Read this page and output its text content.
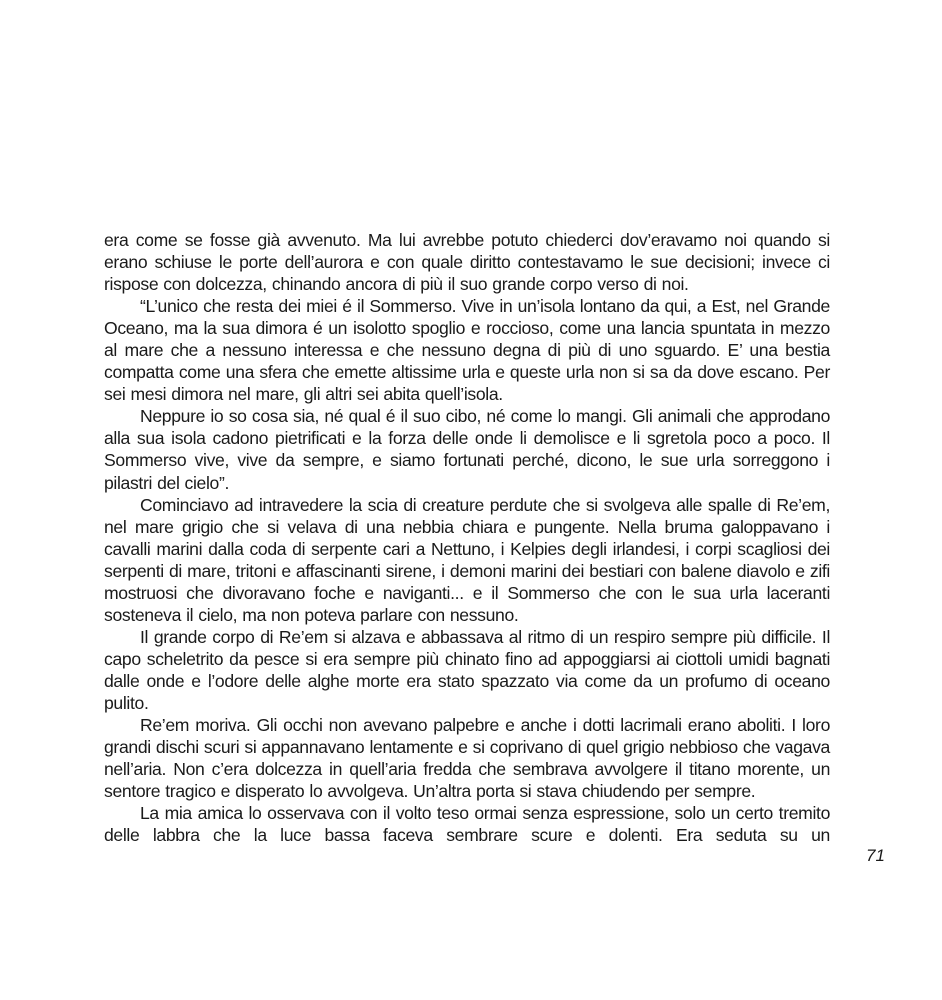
era come se fosse già avvenuto. Ma lui avrebbe potuto chiederci dov’eravamo noi quando si erano schiuse le porte dell’aurora e con quale diritto contestavamo le sue decisioni; invece ci rispose con dolcezza, chinando ancora di più il suo grande corpo verso di noi.

“L’unico che resta dei miei é il Sommerso. Vive in un’isola lontano da qui, a Est, nel Grande Oceano, ma la sua dimora é un isolotto spoglio e roccioso, come una lancia spuntata in mezzo al mare che a nessuno interessa e che nessuno degna di più di uno sguardo. E’ una bestia compatta come una sfera che emette altissime urla e queste urla non si sa da dove escano. Per sei mesi dimora nel mare, gli altri sei abita quell’isola.

Neppure io so cosa sia, né qual é il suo cibo, né come lo mangi. Gli animali che approdano alla sua isola cadono pietrificati e la forza delle onde li demolisce e li sgretola poco a poco. Il Sommerso vive, vive da sempre, e siamo fortunati perché, dicono, le sue urla sorreggono i pilastri del cielo”.

Cominciavo ad intravedere la scia di creature perdute che si svolgeva alle spalle di Re’em, nel mare grigio che si velava di una nebbia chiara e pungente. Nella bruma galoppavano i cavalli marini dalla coda di serpente cari a Nettuno, i Kelpies degli irlandesi, i corpi scagliosi dei serpenti di mare, tritoni e affascinanti sirene, i demoni marini dei bestiari con balene diavolo e zifi mostruosi che divoravano foche e naviganti... e il Sommerso che con le sua urla laceranti sosteneva il cielo, ma non poteva parlare con nessuno.

Il grande corpo di Re’em si alzava e abbassava al ritmo di un respiro sempre più difficile. Il capo scheletrito da pesce si era sempre più chinato fino ad appoggiarsi ai ciottoli umidi bagnati dalle onde e l’odore delle alghe morte era stato spazzato via come da un profumo di oceano pulito.

Re’em moriva. Gli occhi non avevano palpebre e anche i dotti lacrimali erano aboliti. I loro grandi dischi scuri si appannavano lentamente e si coprivano di quel grigio nebbioso che vagava nell’aria. Non c’era dolcezza in quell’aria fredda che sembrava avvolgere il titano morente, un sentore tragico e disperato lo avvolgeva. Un’altra porta si stava chiudendo per sempre.

La mia amica lo osservava con il volto teso ormai senza espressione, solo un certo tremito delle labbra che la luce bassa faceva sembrare scure e dolenti. Era seduta su un

71
